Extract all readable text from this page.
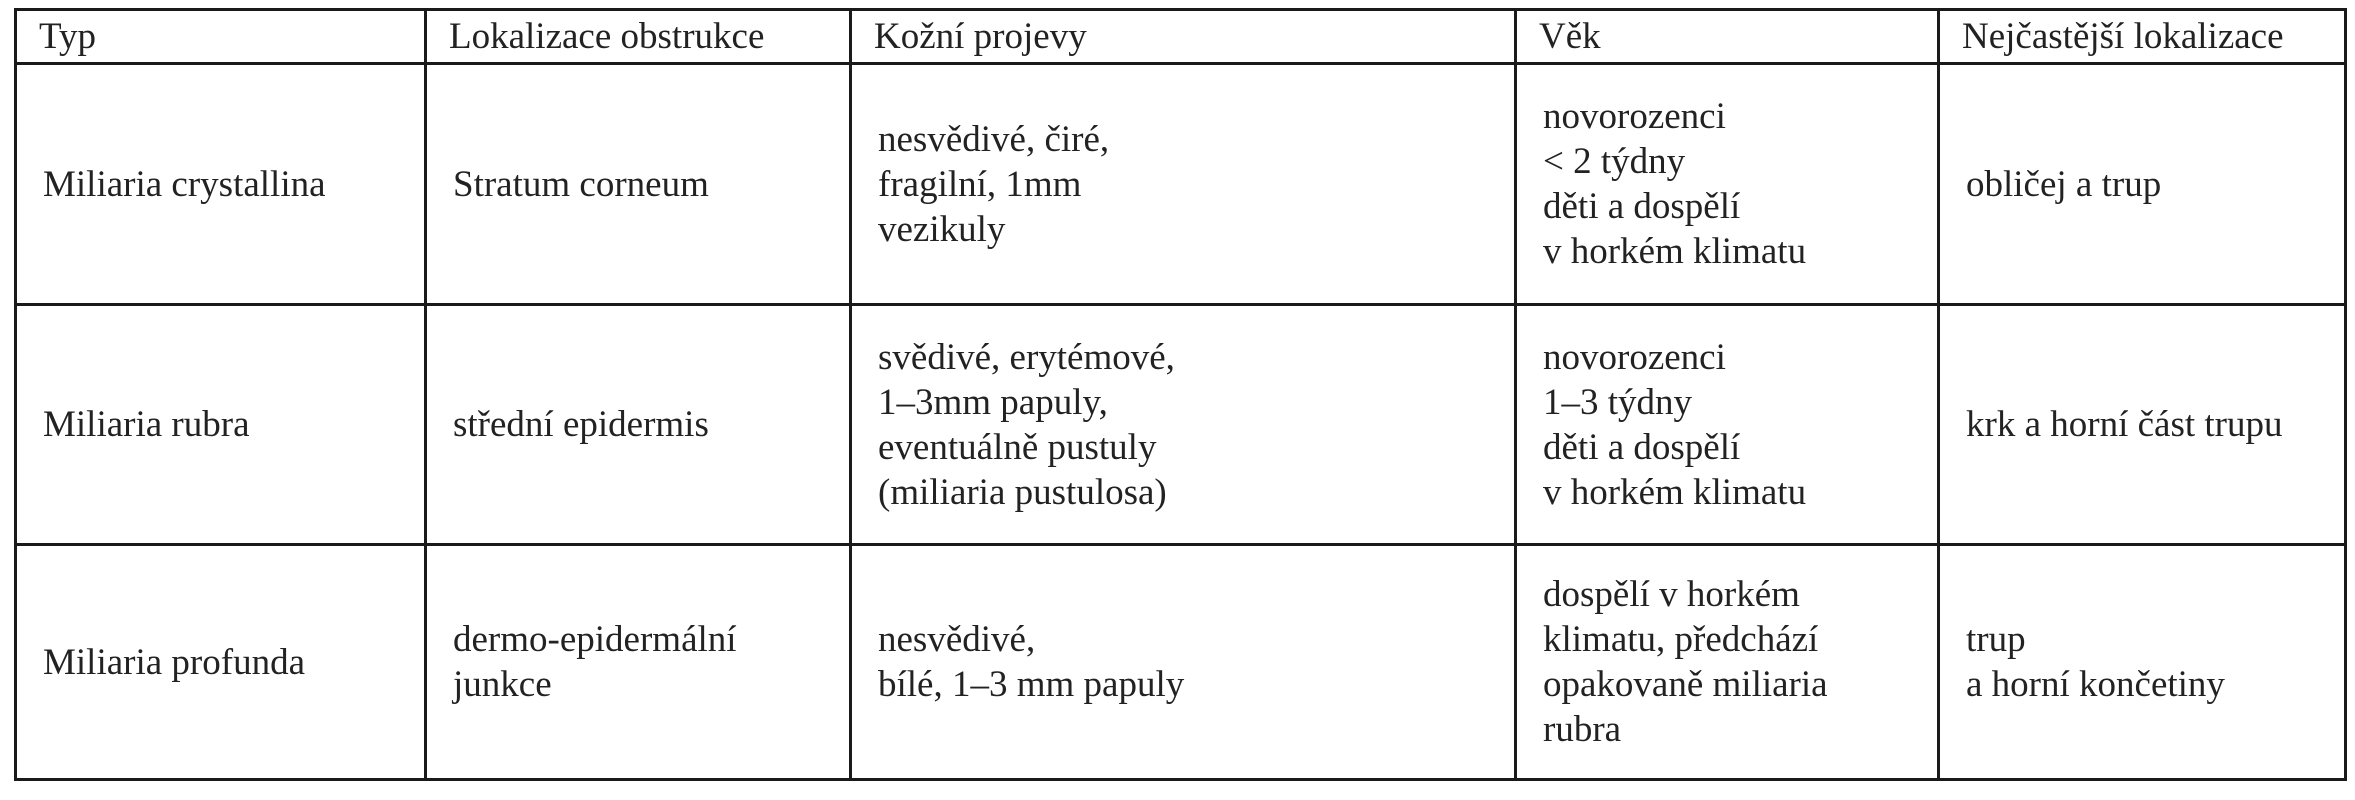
Typ	Lokalizace obstrukce	Kožní projevy	Věk	Nejčastější lokalizace

Miliaria crystallina	Stratum corneum	nesvědivé, čiré,
fragilní, 1mm
vezikuly	novorozenci
< 2 týdny
děti a dospělí
v horkém klimatu	obličej a trup

Miliaria rubra	střední epidermis	svědivé, erytémové,
1–3mm papuly,
eventuálně pustuly
(miliaria pustulosa)	novorozenci
1–3 týdny
děti a dospělí
v horkém klimatu	krk a horní část trupu

Miliaria profunda	dermo-epidermální
junkce	nesvědivé,
bílé, 1–3 mm papuly	dospělí v horkém
klimatu, předchází
opakovaně miliaria
rubra	trup
a horní končetiny
